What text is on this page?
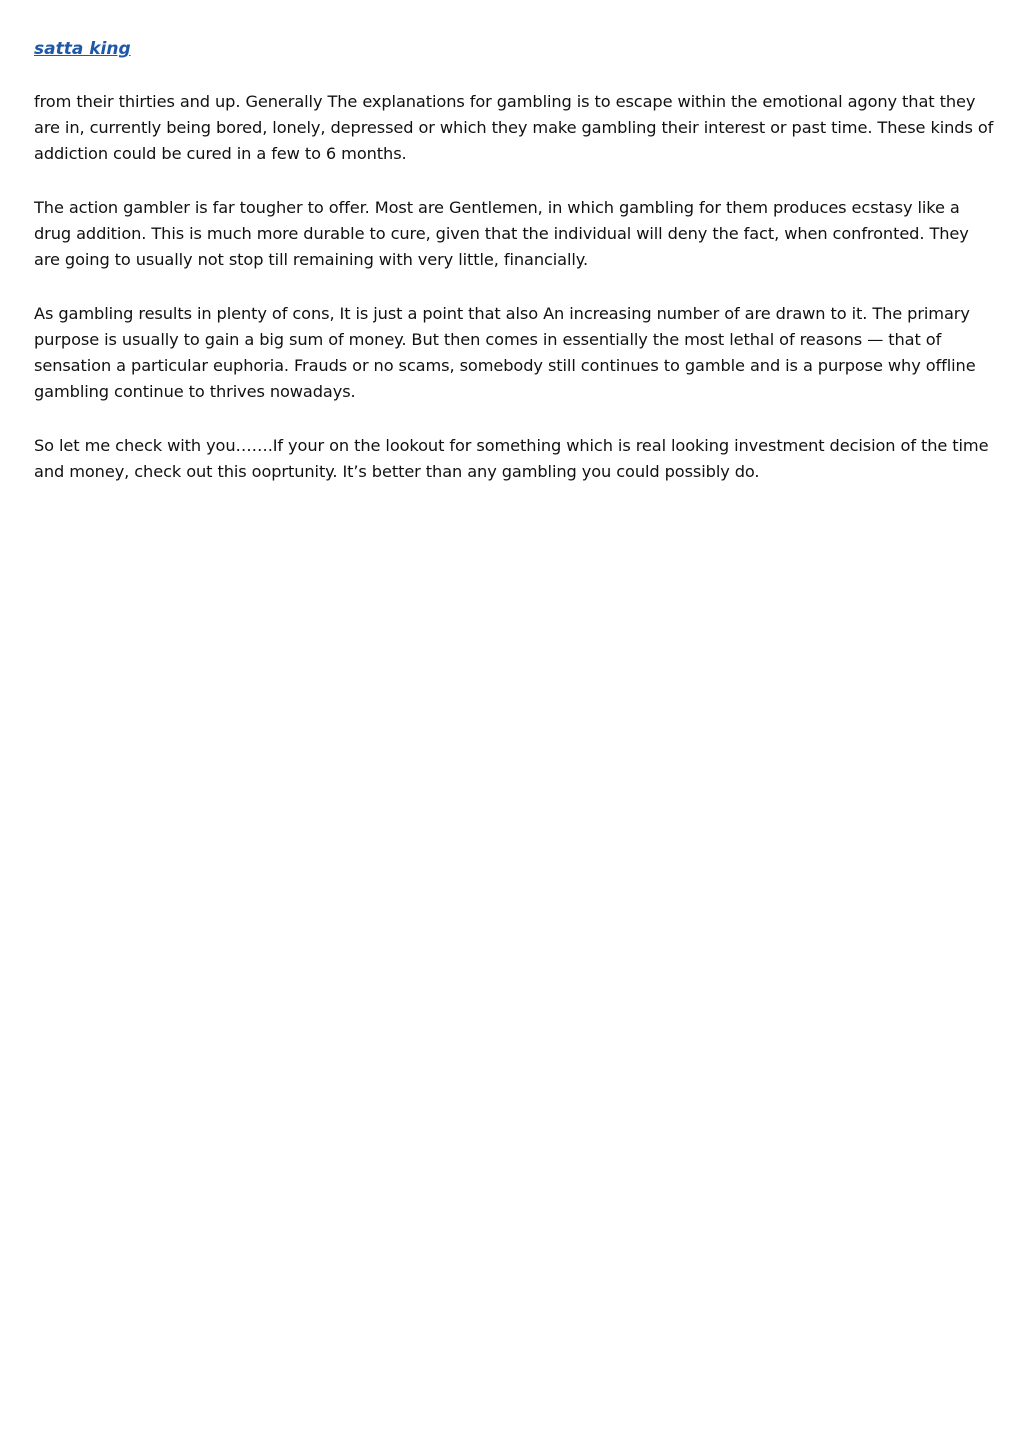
satta king

from their thirties and up. Generally The explanations for gambling is to escape within the emotional agony that they are in, currently being bored, lonely, depressed or which they make gambling their interest or past time. These kinds of addiction could be cured in a few to 6 months.

The action gambler is far tougher to offer. Most are Gentlemen, in which gambling for them produces ecstasy like a drug addition. This is much more durable to cure, given that the individual will deny the fact, when confronted. They are going to usually not stop till remaining with very little, financially.

As gambling results in plenty of cons, It is just a point that also An increasing number of are drawn to it. The primary purpose is usually to gain a big sum of money. But then comes in essentially the most lethal of reasons — that of sensation a particular euphoria. Frauds or no scams, somebody still continues to gamble and is a purpose why offline gambling continue to thrives nowadays.

So let me check with you…….If your on the lookout for something which is real looking investment decision of the time and money, check out this ooprtunity. It’s better than any gambling you could possibly do.
